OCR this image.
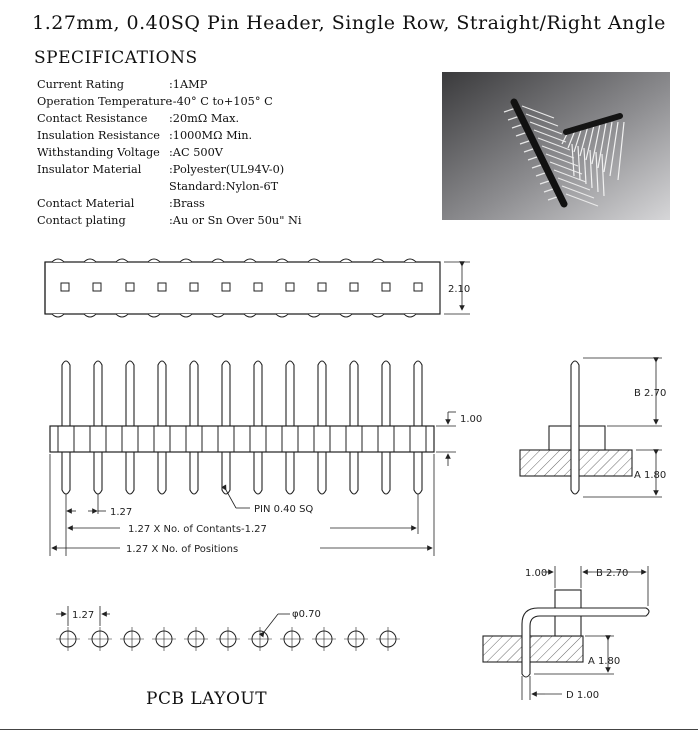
1.27mm, 0.40SQ Pin Header, Single Row, Straight/Right Angle
SPECIFICATIONS
Current Rating	:1AMP
Operation Temperature
:-40° C to+105° C
Contact Resistance	:20mΩ Max.
Insulation Resistance :1000MΩ Min.
Withstanding Voltage :AC 500V
Insulator Material	:Polyester(UL94V-0)
Standard:Nylon-6T
Contact Material	:Brass
Contact plating	:Au or Sn Over 50u" Ni
2.10
1.00
1.27	PIN 0.40 SQ
1.27 X No. of Contants-1.27
1.27 X No. of Positions
B 2.70
A 1.80
1.00	B 2.70
A 1.80
D 1.00
1.27	φ0.70
PCB LAYOUT
